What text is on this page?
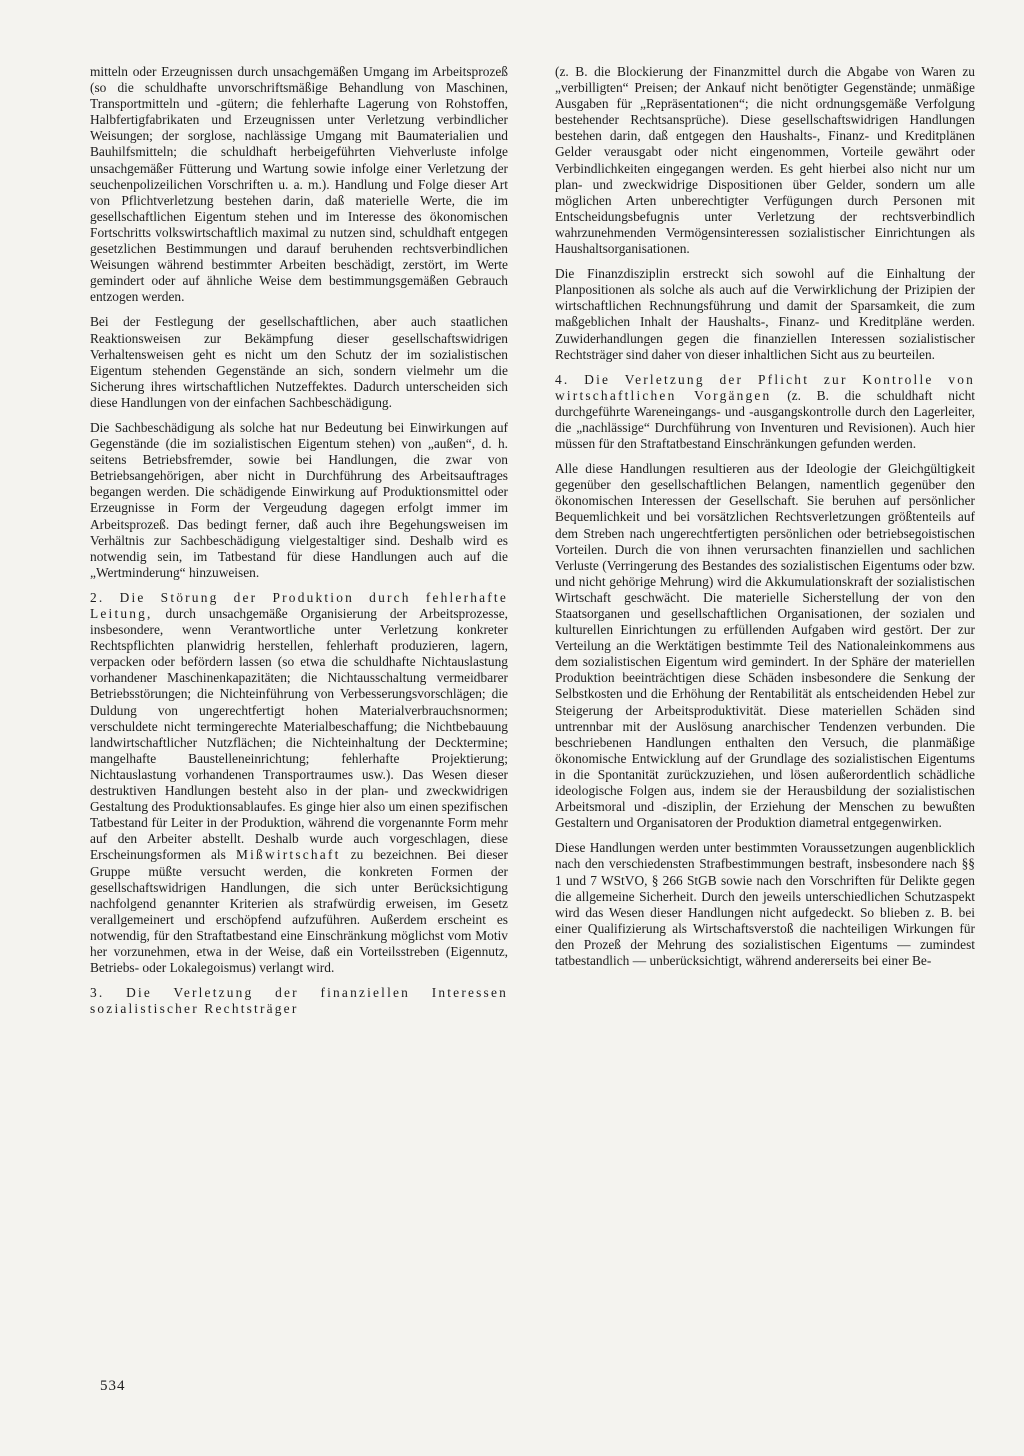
mitteln oder Erzeugnissen durch unsachgemäßen Umgang im Arbeitsprozeß (so die schuldhafte unvorschriftsmäßige Behandlung von Maschinen, Transportmitteln und -gütern; die fehlerhafte Lagerung von Rohstoffen, Halbfertigfabrikaten und Erzeugnissen unter Verletzung verbindlicher Weisungen; der sorglose, nachlässige Umgang mit Baumaterialien und Bauhilfsmitteln; die schuldhaft herbeigeführten Viehverluste infolge unsachgemäßer Fütterung und Wartung sowie infolge einer Verletzung der seuchenpolizeilichen Vorschriften u. a. m.). Handlung und Folge dieser Art von Pflichtverletzung bestehen darin, daß materielle Werte, die im gesellschaftlichen Eigentum stehen und im Interesse des ökonomischen Fortschritts volkswirtschaftlich maximal zu nutzen sind, schuldhaft entgegen gesetzlichen Bestimmungen und darauf beruhenden rechtsverbindlichen Weisungen während bestimmter Arbeiten beschädigt, zerstört, im Werte gemindert oder auf ähnliche Weise dem bestimmungsgemäßen Gebrauch entzogen werden.

Bei der Festlegung der gesellschaftlichen, aber auch staatlichen Reaktionsweisen zur Bekämpfung dieser gesellschaftswidrigen Verhaltensweisen geht es nicht um den Schutz der im sozialistischen Eigentum stehenden Gegenstände an sich, sondern vielmehr um die Sicherung ihres wirtschaftlichen Nutzeffektes. Dadurch unterscheiden sich diese Handlungen von der einfachen Sachbeschädigung.

Die Sachbeschädigung als solche hat nur Bedeutung bei Einwirkungen auf Gegenstände (die im sozialistischen Eigentum stehen) von „außen“, d. h. seitens Betriebsfremder, sowie bei Handlungen, die zwar von Betriebsangehörigen, aber nicht in Durchführung des Arbeitsauftrages begangen werden. Die schädigende Einwirkung auf Produktionsmittel oder Erzeugnisse in Form der Vergeudung dagegen erfolgt immer im Arbeitsprozeß. Das bedingt ferner, daß auch ihre Begehungsweisen im Verhältnis zur Sachbeschädigung vielgestaltiger sind. Deshalb wird es notwendig sein, im Tatbestand für diese Handlungen auch auf die „Wertminderung“ hinzuweisen.

2. Die Störung der Produktion durch fehlerhafte Leitung, durch unsachgemäße Organisierung der Arbeitsprozesse, insbesondere, wenn Verantwortliche unter Verletzung konkreter Rechtspflichten planwidrig herstellen, fehlerhaft produzieren, lagern, verpacken oder befördern lassen (so etwa die schuldhafte Nichtauslastung vorhandener Maschinenkapazitäten; die Nichtausschaltung vermeidbarer Betriebsstörungen; die Nichteinführung von Verbesserungsvorschlägen; die Duldung von ungerechtfertigt hohen Materialverbrauchsnormen; verschuldete nicht termingerechte Materialbeschaffung; die Nichtbebauung landwirtschaftlicher Nutzflächen; die Nichteinhaltung der Decktermine; mangelhafte Baustelleneinrichtung; fehlerhafte Projektierung; Nichtauslastung vorhandenen Transportraumes usw.). Das Wesen dieser destruktiven Handlungen besteht also in der plan- und zweckwidrigen Gestaltung des Produktionsablaufes. Es ginge hier also um einen spezifischen Tatbestand für Leiter in der Produktion, während die vorgenannte Form mehr auf den Arbeiter abstellt. Deshalb wurde auch vorgeschlagen, diese Erscheinungsformen als Mißwirtschaft zu bezeichnen. Bei dieser Gruppe müßte versucht werden, die konkreten Formen der gesellschaftswidrigen Handlungen, die sich unter Berücksichtigung nachfolgend genannter Kriterien als strafwürdig erweisen, im Gesetz verallgemeinert und erschöpfend aufzuführen. Außerdem erscheint es notwendig, für den Straftatbestand eine Einschränkung möglichst vom Motiv her vorzunehmen, etwa in der Weise, daß ein Vorteilsstreben (Eigennutz, Betriebs- oder Lokalegoismus) verlangt wird.

3. Die Verletzung der finanziellen Interessen sozialistischer Rechtsträger

(z. B. die Blockierung der Finanzmittel durch die Abgabe von Waren zu „verbilligten“ Preisen; der Ankauf nicht benötigter Gegenstände; unmäßige Ausgaben für „Repräsentationen“; die nicht ordnungsgemäße Verfolgung bestehender Rechtsansprüche). Diese gesellschaftswidrigen Handlungen bestehen darin, daß entgegen den Haushalts-, Finanz- und Kreditplänen Gelder verausgabt oder nicht eingenommen, Vorteile gewährt oder Verbindlichkeiten eingegangen werden. Es geht hierbei also nicht nur um plan- und zweckwidrige Dispositionen über Gelder, sondern um alle möglichen Arten unberechtigter Verfügungen durch Personen mit Entscheidungsbefugnis unter Verletzung der rechtsverbindlich wahrzunehmenden Vermögensinteressen sozialistischer Einrichtungen als Haushaltsorganisationen.

Die Finanzdisziplin erstreckt sich sowohl auf die Einhaltung der Planpositionen als solche als auch auf die Verwirklichung der Prizipien der wirtschaftlichen Rechnungsführung und damit der Sparsamkeit, die zum maßgeblichen Inhalt der Haushalts-, Finanz- und Kreditpläne werden. Zuwiderhandlungen gegen die finanziellen Interessen sozialistischer Rechtsträger sind daher von dieser inhaltlichen Sicht aus zu beurteilen.

4. Die Verletzung der Pflicht zur Kontrolle von wirtschaftlichen Vorgängen (z. B. die schuldhaft nicht durchgeführte Wareneingangs- und -ausgangskontrolle durch den Lagerleiter, die „nachlässige“ Durchführung von Inventuren und Revisionen). Auch hier müssen für den Straftatbestand Einschränkungen gefunden werden.

Alle diese Handlungen resultieren aus der Ideologie der Gleichgültigkeit gegenüber den gesellschaftlichen Belangen, namentlich gegenüber den ökonomischen Interessen der Gesellschaft. Sie beruhen auf persönlicher Bequemlichkeit und bei vorsätzlichen Rechtsverletzungen größtenteils auf dem Streben nach ungerechtfertigten persönlichen oder betriebsegoistischen Vorteilen. Durch die von ihnen verursachten finanziellen und sachlichen Verluste (Verringerung des Bestandes des sozialistischen Eigentums oder bzw. und nicht gehörige Mehrung) wird die Akkumulationskraft der sozialistischen Wirtschaft geschwächt. Die materielle Sicherstellung der von den Staatsorganen und gesellschaftlichen Organisationen, der sozialen und kulturellen Einrichtungen zu erfüllenden Aufgaben wird gestört. Der zur Verteilung an die Werktätigen bestimmte Teil des Nationaleinkommens aus dem sozialistischen Eigentum wird gemindert. In der Sphäre der materiellen Produktion beeinträchtigen diese Schäden insbesondere die Senkung der Selbstkosten und die Erhöhung der Rentabilität als entscheidenden Hebel zur Steigerung der Arbeitsproduktivität. Diese materiellen Schäden sind untrennbar mit der Auslösung anarchischer Tendenzen verbunden. Die beschriebenen Handlungen enthalten den Versuch, die planmäßige ökonomische Entwicklung auf der Grundlage des sozialistischen Eigentums in die Spontanität zurückzuziehen, und lösen außerordentlich schädliche ideologische Folgen aus, indem sie der Herausbildung der sozialistischen Arbeitsmoral und -disziplin, der Erziehung der Menschen zu bewußten Gestaltern und Organisatoren der Produktion diametral entgegenwirken.

Diese Handlungen werden unter bestimmten Voraussetzungen augenblicklich nach den verschiedensten Strafbestimmungen bestraft, insbesondere nach §§ 1 und 7 WStVO, § 266 StGB sowie nach den Vorschriften für Delikte gegen die allgemeine Sicherheit. Durch den jeweils unterschiedlichen Schutzaspekt wird das Wesen dieser Handlungen nicht aufgedeckt. So blieben z. B. bei einer Qualifizierung als Wirtschaftsverstoß die nachteiligen Wirkungen für den Prozeß der Mehrung des sozialistischen Eigentums — zumindest tatbestandlich — unberücksichtigt, während andererseits bei einer Be-

534
